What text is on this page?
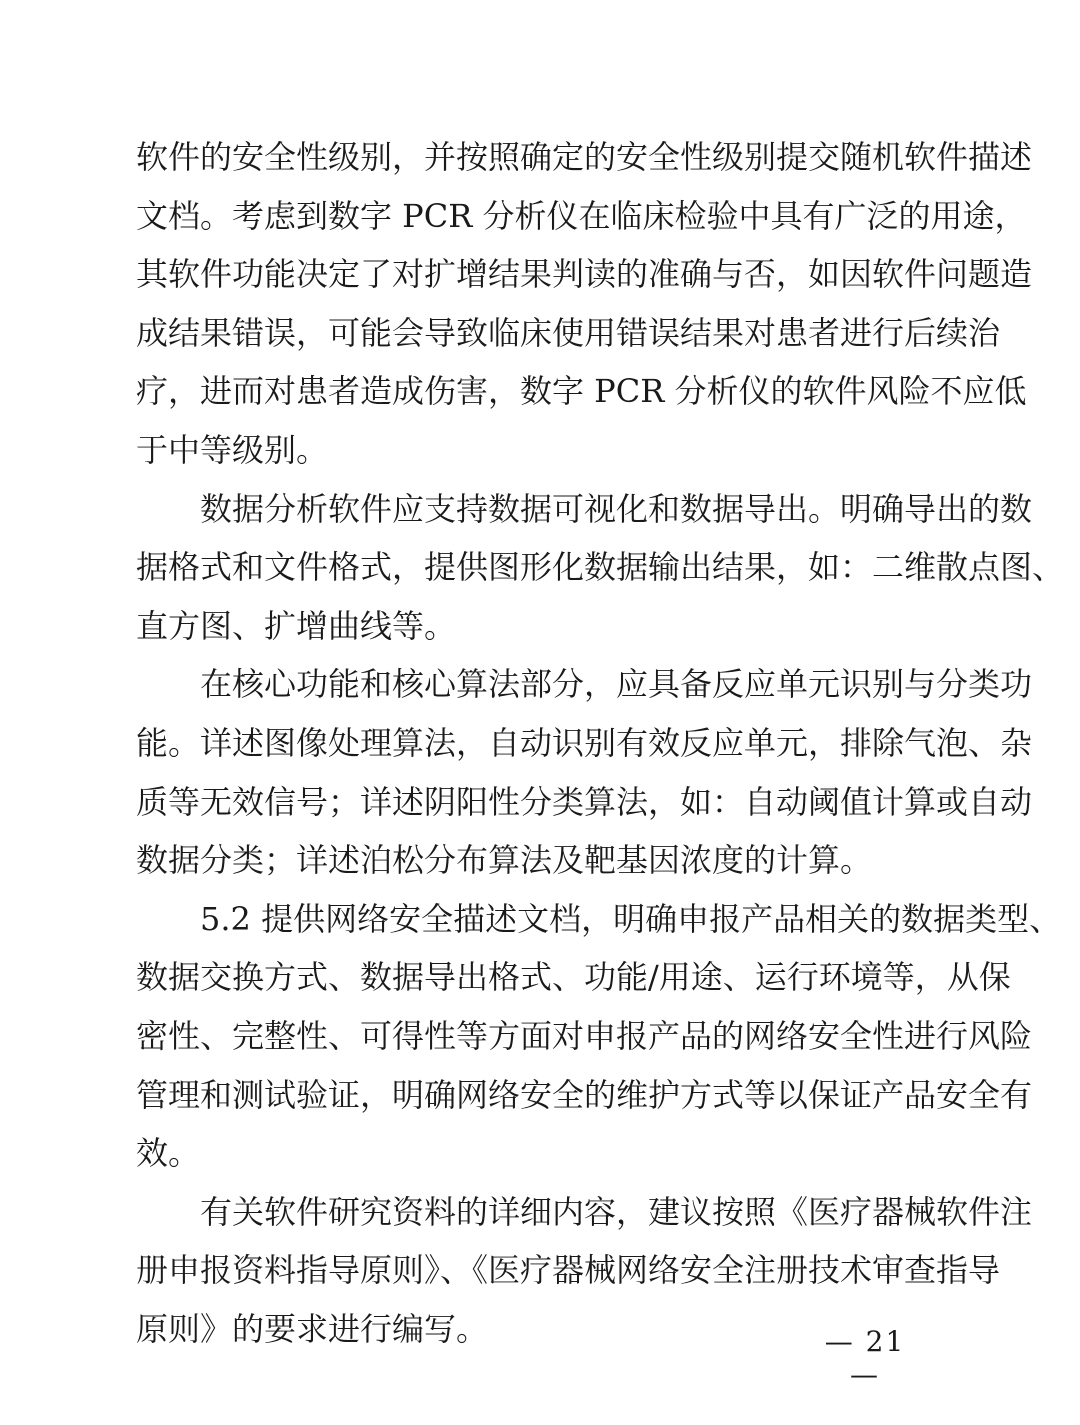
软件的安全性级别，并按照确定的安全性级别提交随机软件描述
文档。考虑到数字 PCR 分析仪在临床检验中具有广泛的用途，
其软件功能决定了对扩增结果判读的准确与否，如因软件问题造
成结果错误，可能会导致临床使用错误结果对患者进行后续治
疗，进而对患者造成伤害，数字 PCR 分析仪的软件风险不应低
于中等级别。
数据分析软件应支持数据可视化和数据导出。明确导出的数
据格式和文件格式，提供图形化数据输出结果，如：二维散点图、
直方图、扩增曲线等。
在核心功能和核心算法部分，应具备反应单元识别与分类功
能。详述图像处理算法，自动识别有效反应单元，排除气泡、杂
质等无效信号；详述阴阳性分类算法，如：自动阈值计算或自动
数据分类；详述泊松分布算法及靶基因浓度的计算。
5.2 提供网络安全描述文档，明确申报产品相关的数据类型、
数据交换方式、数据导出格式、功能/用途、运行环境等，从保
密性、完整性、可得性等方面对申报产品的网络安全性进行风险
管理和测试验证，明确网络安全的维护方式等以保证产品安全有
效。
有关软件研究资料的详细内容，建议按照《医疗器械软件注
册申报资料指导原则》、《医疗器械网络安全注册技术审查指导
原则》的要求进行编写。	— 21 —
